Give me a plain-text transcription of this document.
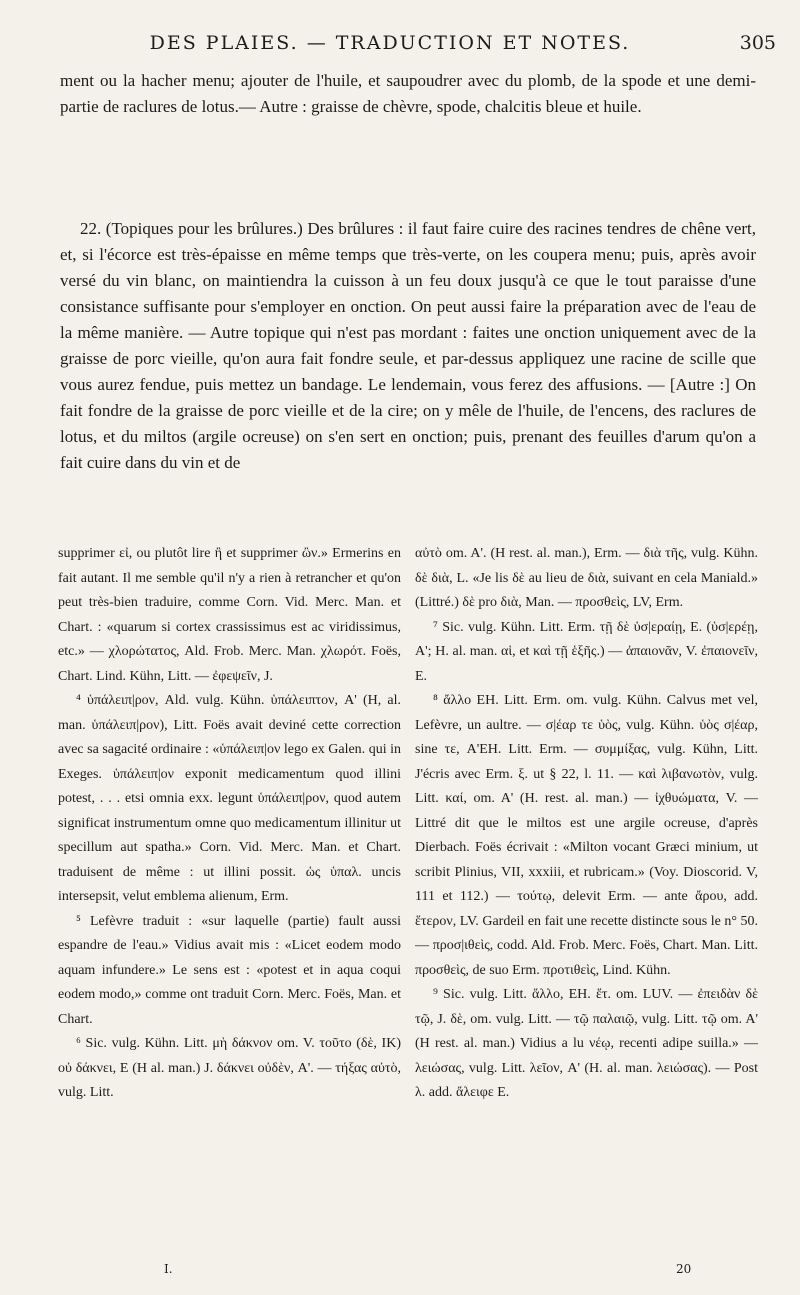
DES PLAIES. — TRADUCTION ET NOTES.	305
ment ou la hacher menu; ajouter de l'huile, et saupoudrer avec du plomb, de la spode et une demi-partie de raclures de lotus.— Autre : graisse de chèvre, spode, chalcitis bleue et huile.
22. (Topiques pour les brûlures.) Des brûlures : il faut faire cuire des racines tendres de chêne vert, et, si l'écorce est très-épaisse en même temps que très-verte, on les coupera menu; puis, après avoir versé du vin blanc, on maintiendra la cuisson à un feu doux jusqu'à ce que le tout paraisse d'une consistance suffisante pour s'employer en onction. On peut aussi faire la préparation avec de l'eau de la même manière. — Autre topique qui n'est pas mordant : faites une onction uniquement avec de la graisse de porc vieille, qu'on aura fait fondre seule, et par-dessus appliquez une racine de scille que vous aurez fendue, puis mettez un bandage. Le lendemain, vous ferez des affusions. — [Autre :] On fait fondre de la graisse de porc vieille et de la cire; on y mêle de l'huile, de l'encens, des raclures de lotus, et du miltos (argile ocreuse) on s'en sert en onction; puis, prenant des feuilles d'arum qu'on a fait cuire dans du vin et de

supprimer εἰ, ou plutôt lire ἢ et supprimer ὢν.» Ermerins en fait autant. Il me semble qu'il n'y a rien à retrancher et qu'on peut très-bien traduire, comme Corn. Vid. Merc. Man. et Chart. : «quarum si cortex crassissimus est ac viridissimus, etc.» — χλορώτατος, Ald. Frob. Merc. Man. χλωρότ. Foës, Chart. Lind. Kühn, Litt. — ἐφεψεῖν, J.

⁴ ὑπάλειπ|ρον, Ald. vulg. Kühn. ὑπάλειπτον, A' (H, al. man. ὑπάλειπ|ρον), Litt. Foës avait deviné cette correction avec sa sagacité ordinaire : «ὑπάλειπ|ον lego ex Galen. qui in Exeges. ὑπάλειπ|ον exponit medicamentum quod illini potest, . . . etsi omnia exx. legunt ὑπάλειπ|ρον, quod autem significat instrumentum omne quo medicamentum illinitur ut specillum aut spatha.» Corn. Vid. Merc. Man. et Chart. traduisent de même : ut illini possit. ὡς ὑπαλ. uncis intersepsit, velut emblema alienum, Erm.

⁵ Lefèvre traduit : «sur laquelle (partie) fault aussi espandre de l'eau.» Vidius avait mis : «Licet eodem modo aquam infundere.» Le sens est : «potest et in aqua coqui eodem modo,» comme ont traduit Corn. Merc. Foës, Man. et Chart.

⁶ Sic. vulg. Kühn. Litt. μὴ δάκνον om. V. τοῦτο (δὲ, IK) οὐ δάκνει, E (H al. man.) J. δάκνει οὐδὲν, A'. — τήξας αὐτὸ, vulg. Litt.

αὐτὸ om. A'. (H rest. al. man.), Erm. — διὰ τῆς, vulg. Kühn. δὲ διὰ, L. «Je lis δὲ au lieu de διὰ, suivant en cela Maniald.» (Littré.) δὲ pro διὰ, Man. — προσθεὶς, LV, Erm.

⁷ Sic. vulg. Kühn. Litt. Erm. τῇ δὲ ὑσ|εραίῃ, E. (ὑσ|ερέῃ, A'; H. al. man. αἱ, et καὶ τῇ ἑξῆς.) — ἀπαιονᾶν, V. ἐπαιονεῖν, E.

⁸ ἄλλο EH. Litt. Erm. om. vulg. Kühn. Calvus met vel, Lefèvre, un aultre. — σ|έαρ τε ὑὸς, vulg. Kühn. ὑὸς σ|έαρ, sine τε, A'EH. Litt. Erm. — συμμίξας, vulg. Kühn, Litt. J'écris avec Erm. ξ. ut § 22, l. 11. — καὶ λιβανωτὸν, vulg. Litt. καί, om. A' (H. rest. al. man.) — ἰχθυώματα, V. — Littré dit que le miltos est une argile ocreuse, d'après Dierbach. Foës écrivait : «Milton vocant Græci minium, ut scribit Plinius, VII, xxxiii, et rubricam.» (Voy. Dioscorid. V, 111 et 112.) — τούτῳ, delevit Erm. — ante ἄρου, add. ἕτερον, LV. Gardeil en fait une recette distincte sous le n° 50. — προσ|ιθεὶς, codd. Ald. Frob. Merc. Foës, Chart. Man. Litt. προσθεὶς, de suo Erm. προτιθεὶς, Lind. Kühn.

⁹ Sic. vulg. Litt. ἄλλο, EH. ἔτ. om. LUV. — ἐπειδὰν δὲ τῷ, J. δὲ, om. vulg. Litt. — τῷ παλαιῷ, vulg. Litt. τῷ om. A' (H rest. al. man.) Vidius a lu νέῳ, recenti adipe suilla.» — λειώσας, vulg. Litt. λεῖον, A' (H. al. man. λειώσας). — Post λ. add. ἄλειφε E.

I.	20
